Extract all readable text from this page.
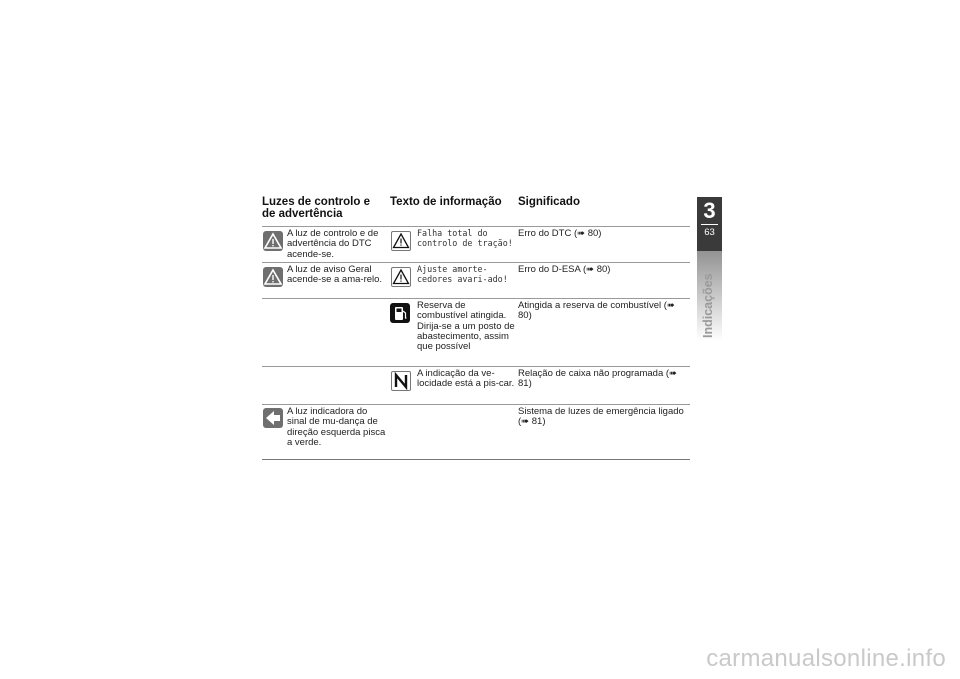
Luzes de controlo e de advertência
Texto de informação	Significado
A luz de controlo e de advertência do DTC acende-se.
Falha total do controlo de tração!
Erro do DTC (➠ 80)
A luz de aviso Geral acende-se a ama-relo.
Ajuste amorte-cedores avari-ado!
Erro do D-ESA (➠ 80)
Reserva de combustível atingida. Dirija-se a um posto de abastecimento, assim que possível
Atingida a reserva de combustível (➠ 80)
A indicação da ve-locidade está a pis-car.
Relação de caixa não programada (➠ 81)
A luz indicadora do sinal de mu-dança de direção esquerda pisca a verde.
Sistema de luzes de emergência ligado (➠ 81)
3
63
Indicações
carmanualsonline.info
